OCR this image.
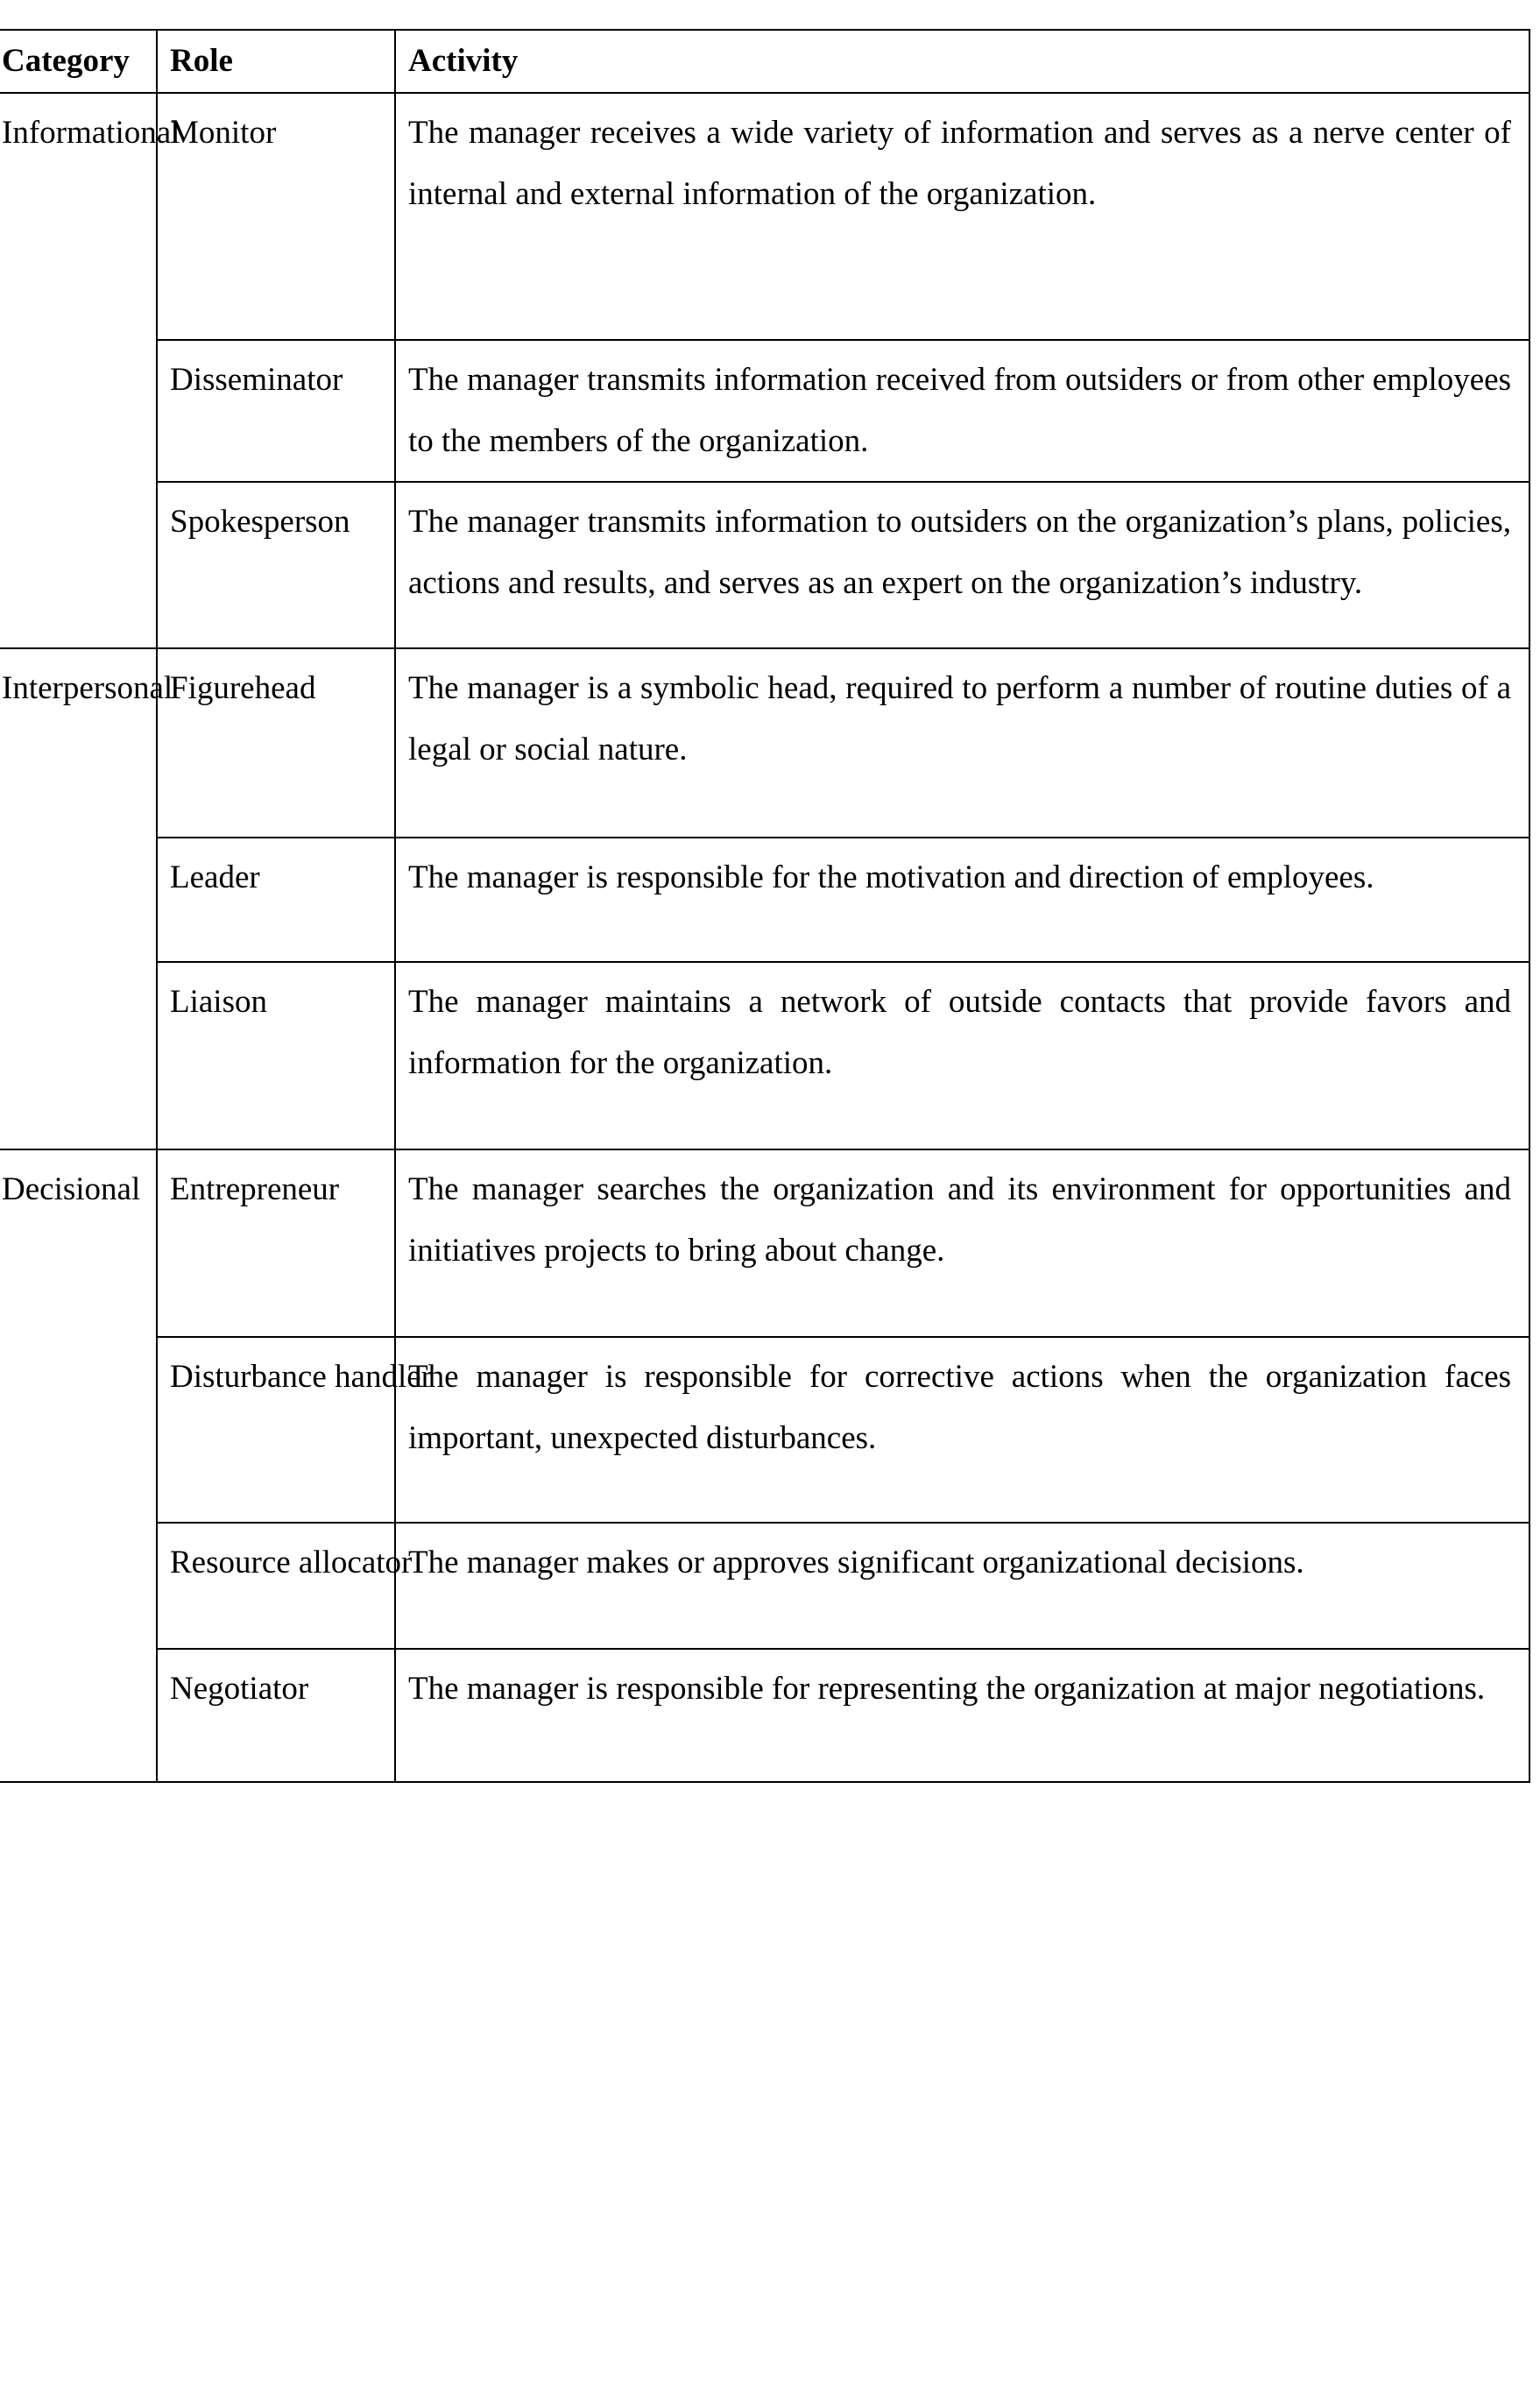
Category	Role	Activity

Informational	Monitor	The manager receives a wide variety of information and serves as a nerve center of internal and external information of the organization.

	Disseminator	The manager transmits information received from outsiders or from other employees to the members of the organization.

	Spokesperson	The manager transmits information to outsiders on the organization’s plans, policies, actions and results, and serves as an expert on the organization’s industry.

Interpersonal	Figurehead	The manager is a symbolic head, required to perform a number of routine duties of a legal or social nature.

	Leader	The manager is responsible for the motivation and direction of employees.

	Liaison	The manager maintains a network of outside contacts that provide favors and information for the organization.

Decisional	Entrepreneur	The manager searches the organization and its environment for opportunities and initiatives projects to bring about change.

	Disturbance handler	The manager is responsible for corrective actions when the organization faces important, unexpected disturbances.

	Resource allocator	The manager makes or approves significant organizational decisions.

	Negotiator	The manager is responsible for representing the organization at major negotiations.
